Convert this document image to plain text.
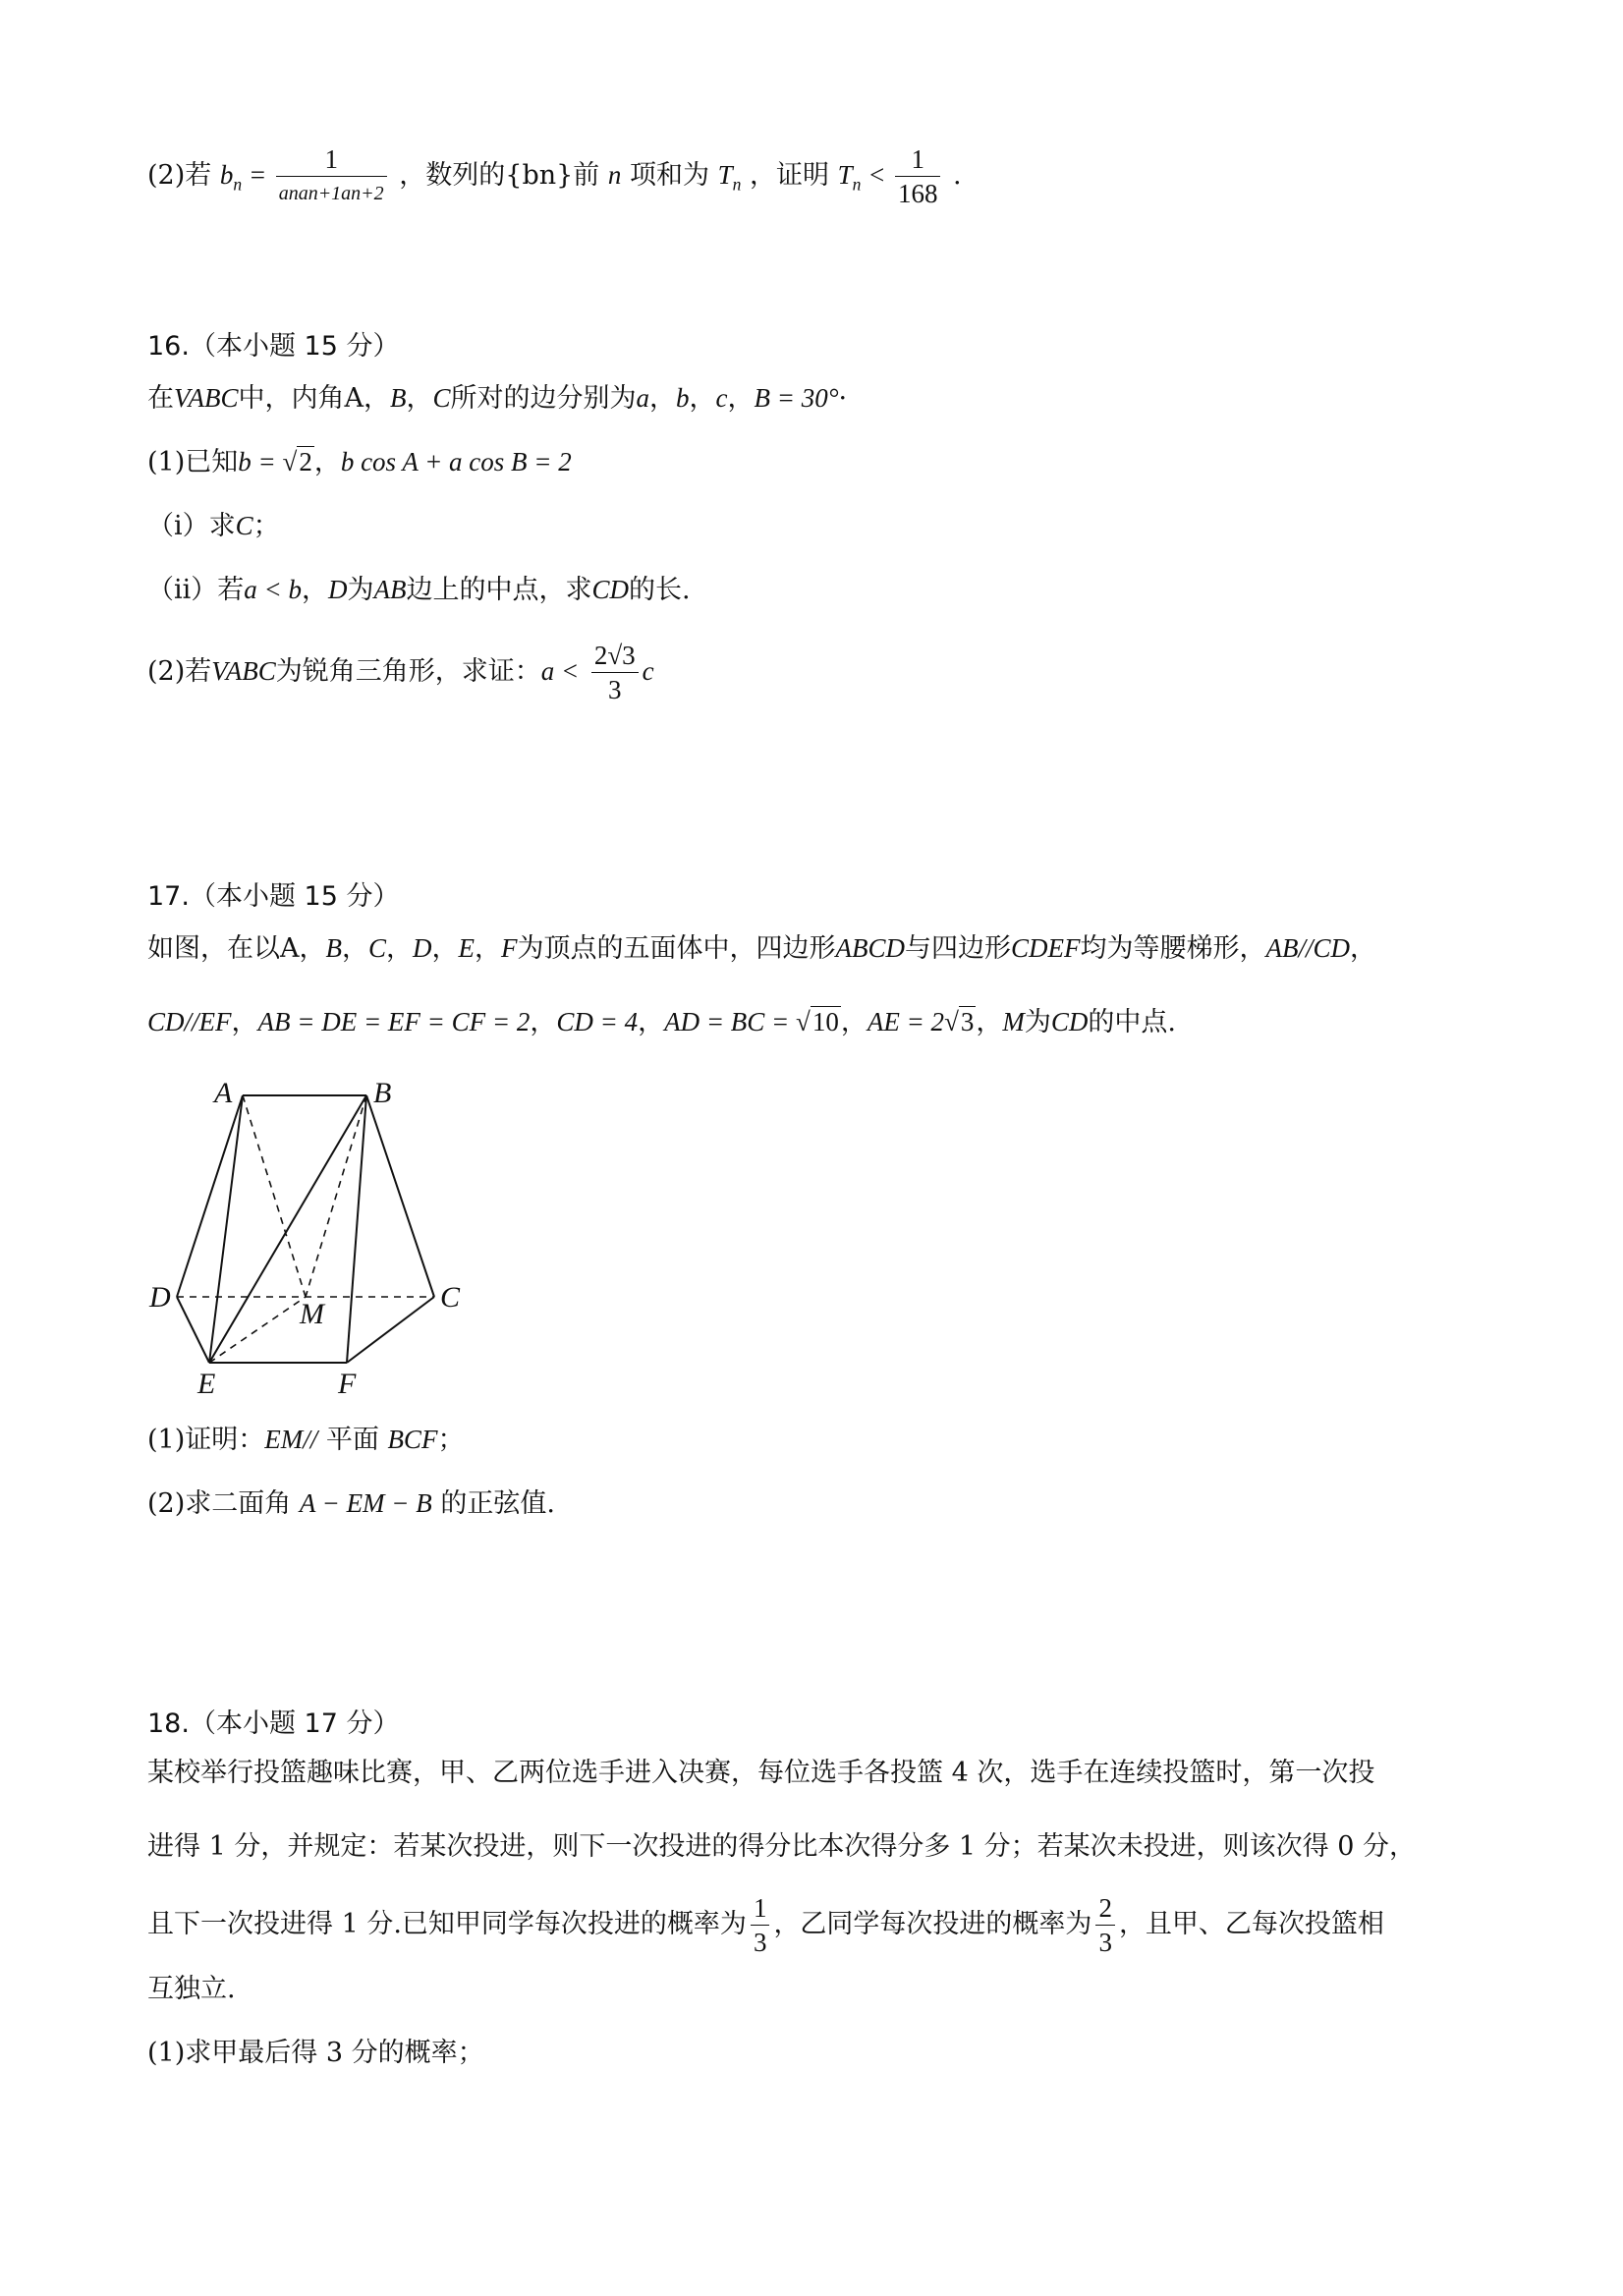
(2)若 $b_n = \frac{1}{\text{anan+1an+2}}$ ，数列的{bn}前 n 项和为 $T_n$ ，证明 $T_n < \frac{1}{168}$ .
16.（本小题 15 分）
在VABC中，内角A，B，C所对的边分别为a，b，c，B = 30°·
(1)已知b = √2，b cos A + a cos B = 2
（i）求C；
（ii）若a < b，D为AB边上的中点，求CD的长.
(2)若VABC为锐角三角形，求证：$a < \frac{2√3}{3}$ c
17.（本小题 15 分）
如图，在以A，B，C，D，E，F为顶点的五面体中，四边形ABCD与四边形CDEF均为等腰梯形，AB//CD，
CD//EF，AB = DE = EF = CF = 2，CD = 4，AD = BC = √10，AE = 2√3，M为CD的中点.
A	B
C
D
E	F
M
(1)证明：EM// 平面 BCF；
(2)求二面角 A − EM − B 的正弦值.
18.（本小题 17 分）
某校举行投篮趣味比赛，甲、乙两位选手进入决赛，每位选手各投篮 4 次，选手在连续投篮时，第一次投
进得 1 分，并规定：若某次投进，则下一次投进的得分比本次得分多 1 分；若某次未投进，则该次得 0 分，
且下一次投进得 1 分.已知甲同学每次投进的概率为 $\frac{1}{3}$ ，乙同学每次投进的概率为 $\frac{2}{3}$ ，且甲、乙每次投篮相
互独立.
(1)求甲最后得 3 分的概率；
